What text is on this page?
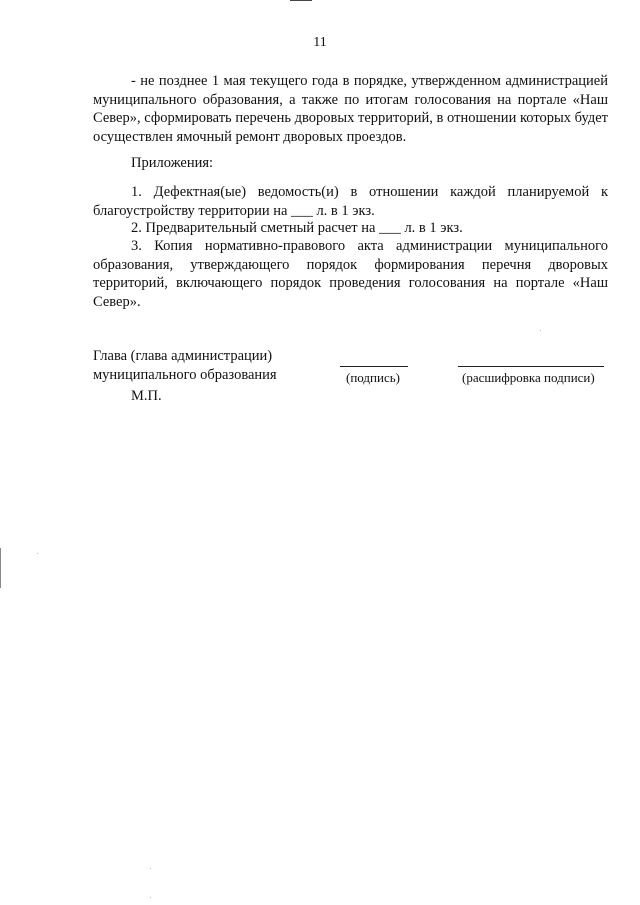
11
- не позднее 1 мая текущего года в порядке, утвержденном администрацией муниципального образования, а также по итогам голосования на портале «Наш Север», сформировать перечень дворовых территорий, в отношении которых будет осуществлен ямочный ремонт дворовых проездов.
Приложения:
1. Дефектная(ые) ведомость(и) в отношении каждой планируемой к благоустройству территории на ___ л. в 1 экз.
2. Предварительный сметный расчет на ___ л. в 1 экз.
3. Копия нормативно-правового акта администрации муниципального образования, утверждающего порядок формирования перечня дворовых территорий, включающего порядок проведения голосования на портале «Наш Север».
Глава (глава администрации)
муниципального образования	(подпись)	(расшифровка подписи)
М.П.
